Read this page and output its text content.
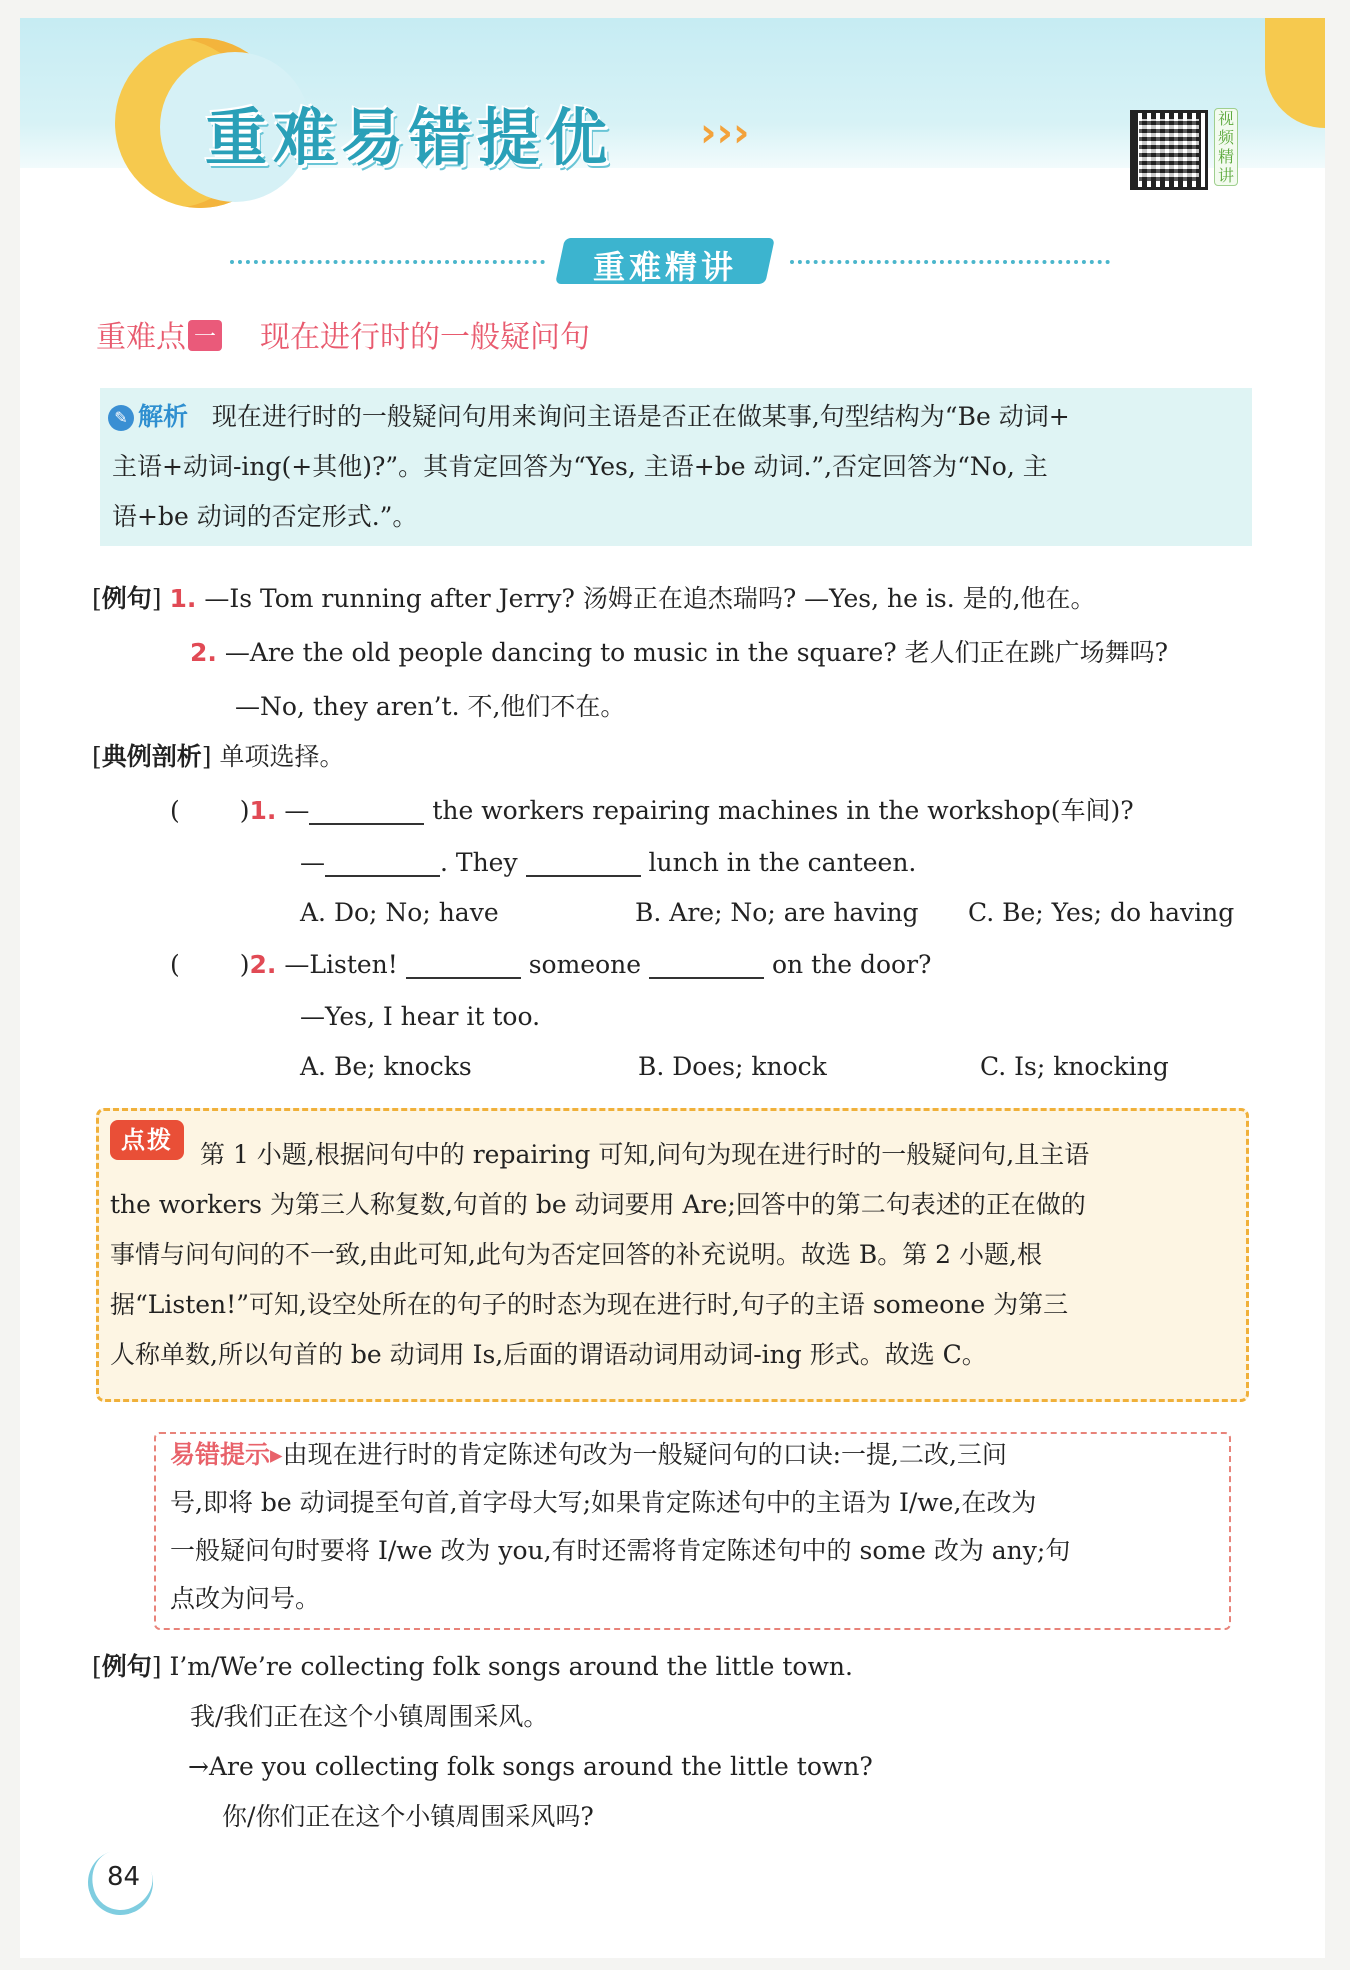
重难易错提优 ›››	视频精讲
重难精讲
重难点 一 现在进行时的一般疑问句
✎ 解析 现在进行时的一般疑问句用来询问主语是否正在做某事,句型结构为“Be 动词+
主语+动词-ing(+其他)?”。其肯定回答为“Yes, 主语+be 动词.”,否定回答为“No, 主
语+be 动词的否定形式.”。
[例句] 1. —Is Tom running after Jerry? 汤姆正在追杰瑞吗? —Yes, he is. 是的,他在。
2. —Are the old people dancing to music in the square? 老人们正在跳广场舞吗?
—No, they aren’t. 不,他们不在。
[典例剖析] 单项选择。
( )1. —	the workers repairing machines in the workshop(车间)?
—	. They	lunch in the canteen.
A. Do; No; have	B. Are; No; are having C. Be; Yes; do having
( )2. —Listen!	someone	on the door?
—Yes, I hear it too.
A. Be; knocks	B. Does; knock	C. Is; knocking
点拨	第 1 小题,根据问句中的 repairing 可知,问句为现在进行时的一般疑问句,且主语
the workers 为第三人称复数,句首的 be 动词要用 Are;回答中的第二句表述的正在做的
事情与问句问的不一致,由此可知,此句为否定回答的补充说明。故选 B。第 2 小题,根
据“Listen!”可知,设空处所在的句子的时态为现在进行时,句子的主语 someone 为第三
人称单数,所以句首的 be 动词用 Is,后面的谓语动词用动词-ing 形式。故选 C。
易错提示▸由现在进行时的肯定陈述句改为一般疑问句的口诀:一提,二改,三问
号,即将 be 动词提至句首,首字母大写;如果肯定陈述句中的主语为 I/we,在改为
一般疑问句时要将 I/we 改为 you,有时还需将肯定陈述句中的 some 改为 any;句
点改为问号。
[例句] I’m/We’re collecting folk songs around the little town.
我/我们正在这个小镇周围采风。
→Are you collecting folk songs around the little town?
你/你们正在这个小镇周围采风吗?
84
